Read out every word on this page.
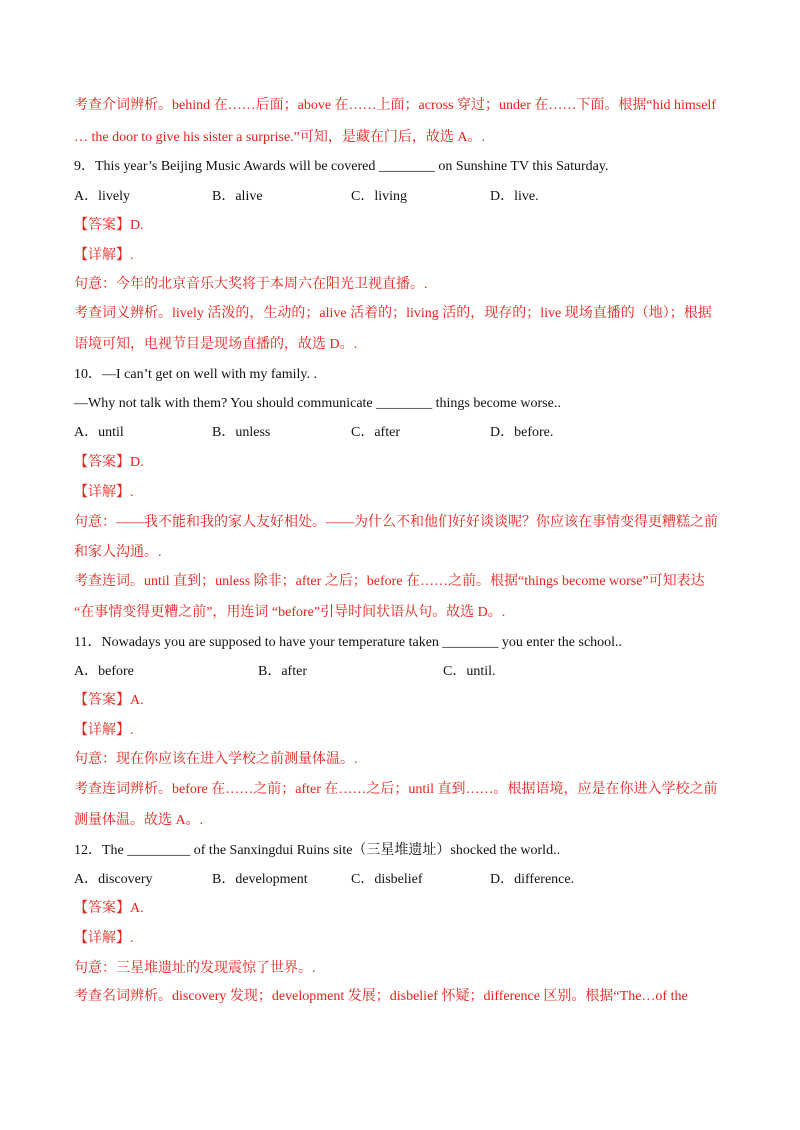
考查介词辨析。behind 在……后面；above 在……上面；across 穿过；under 在……下面。根据“hid himself
… the door to give his sister a surprise.”可知，是藏在门后，故选 A。.
9．This year’s Beijing Music Awards will be covered ________ on Sunshine TV this Saturday.
A．lively	B．alive	C．living	D．live.
【答案】D.
【详解】.
句意：今年的北京音乐大奖将于本周六在阳光卫视直播。.
考查词义辨析。lively 活泼的，生动的；alive 活着的；living 活的，现存的；live 现场直播的（地）；根据
语境可知，电视节目是现场直播的，故选 D。.
10．—I can’t get on well with my family. .
—Why not talk with them? You should communicate ________ things become worse..
A．until	B．unless	C．after	D．before.
【答案】D.
【详解】.
句意：——我不能和我的家人友好相处。——为什么不和他们好好谈谈呢？你应该在事情变得更糟糕之前
和家人沟通。.
考查连词。until 直到；unless 除非；after 之后；before 在……之前。根据“things become worse”可知表达
“在事情变得更糟之前”，用连词 “before”引导时间状语从句。故选 D。.
11．Nowadays you are supposed to have your temperature taken ________ you enter the school..
A．before	B．after	C．until.
【答案】A.
【详解】.
句意：现在你应该在进入学校之前测量体温。.
考查连词辨析。before 在……之前；after 在……之后；until 直到……。根据语境，应是在你进入学校之前
测量体温。故选 A。.
12．The _________ of the Sanxingdui Ruins site（三星堆遗址）shocked the world..
A．discovery	B．development	C．disbelief	D．difference.
【答案】A.
【详解】.
句意：三星堆遗址的发现震惊了世界。.
考查名词辨析。discovery 发现；development 发展；disbelief 怀疑；difference 区别。根据“The…of the
